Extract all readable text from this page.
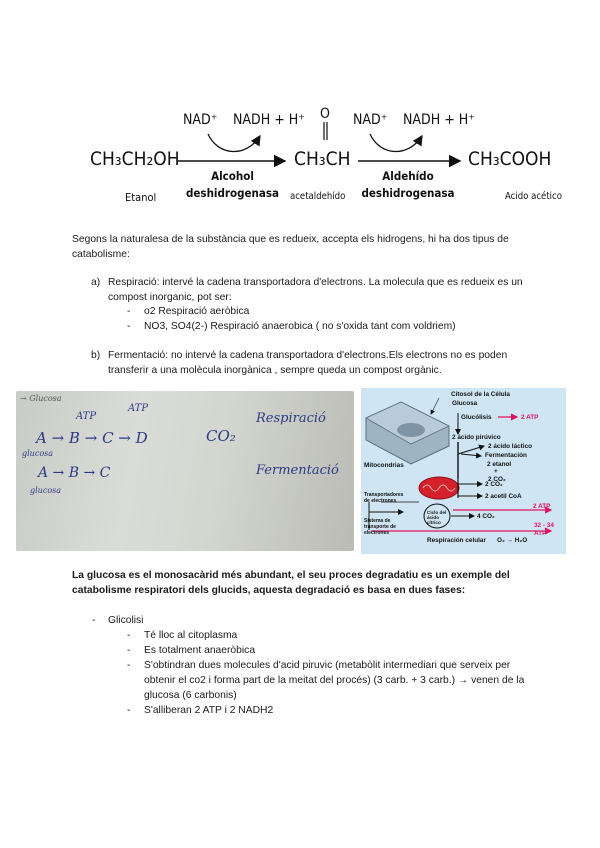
NAD⁺ NADH + H⁺	NAD⁺ NADH + H⁺
CH₃CH₂OH
Etanol
O
CH₃CH
acetaldehído
CH₃COOH
Acido acético
Alcohol
deshidrogenasa
Aldehído
deshidrogenasa

Segons la naturalesa de la substància que es redueix, accepta els hidrogens, hi ha dos tipus de catabolisme:

a) Respiració: intervé la cadena transportadora d'electrons. La molecula que es redueix es un compost inorganic, pot ser:
- o2 Respiració aeròbica
- NO3, SO4(2-) Respiració anaerobica ( no s'oxida tant com voldriem)
b) Fermentació: no intervé la cadena transportadora d'electrons.Els electrons no es poden transferir a una molècula inorgànica , sempre queda un compost orgànic.
→ Glucosa
ATP
ATP
A → B → C → D	CO₂
glucosa
A → B → C
glucosa
Respiració
Fermentació
Citosol de la Célula
Glucosa
Glucólisis	2 ATP
2 ácido pirúvico
2 ácido láctico
Fermentación
2 etanol
+
2 CO₂
Mitocondrias
2 CO₂
2 acetil CoA
Transportadores de electrones
Ciclo del ácido cítrico
4 CO₂
2 ATP
Sistema de transporte de electrones
32 - 34 ATP
Respiración celular O₂ → H₂O

La glucosa es el monosacàrid més abundant, el seu proces degradatiu es un exemple del catabolisme respiratori dels glucids, aquesta degradació es basa en dues fases:

- Glicolisi
- Té lloc al citoplasma
- Es totalment anaeròbica
- S'obtindran dues molecules d'acid piruvic (metabòlit intermediari que serveix per obtenir el co2 i forma part de la meitat del procés) (3 carb. + 3 carb.) → venen de la glucosa (6 carbonis)
- S'alliberan 2 ATP i 2 NADH2
